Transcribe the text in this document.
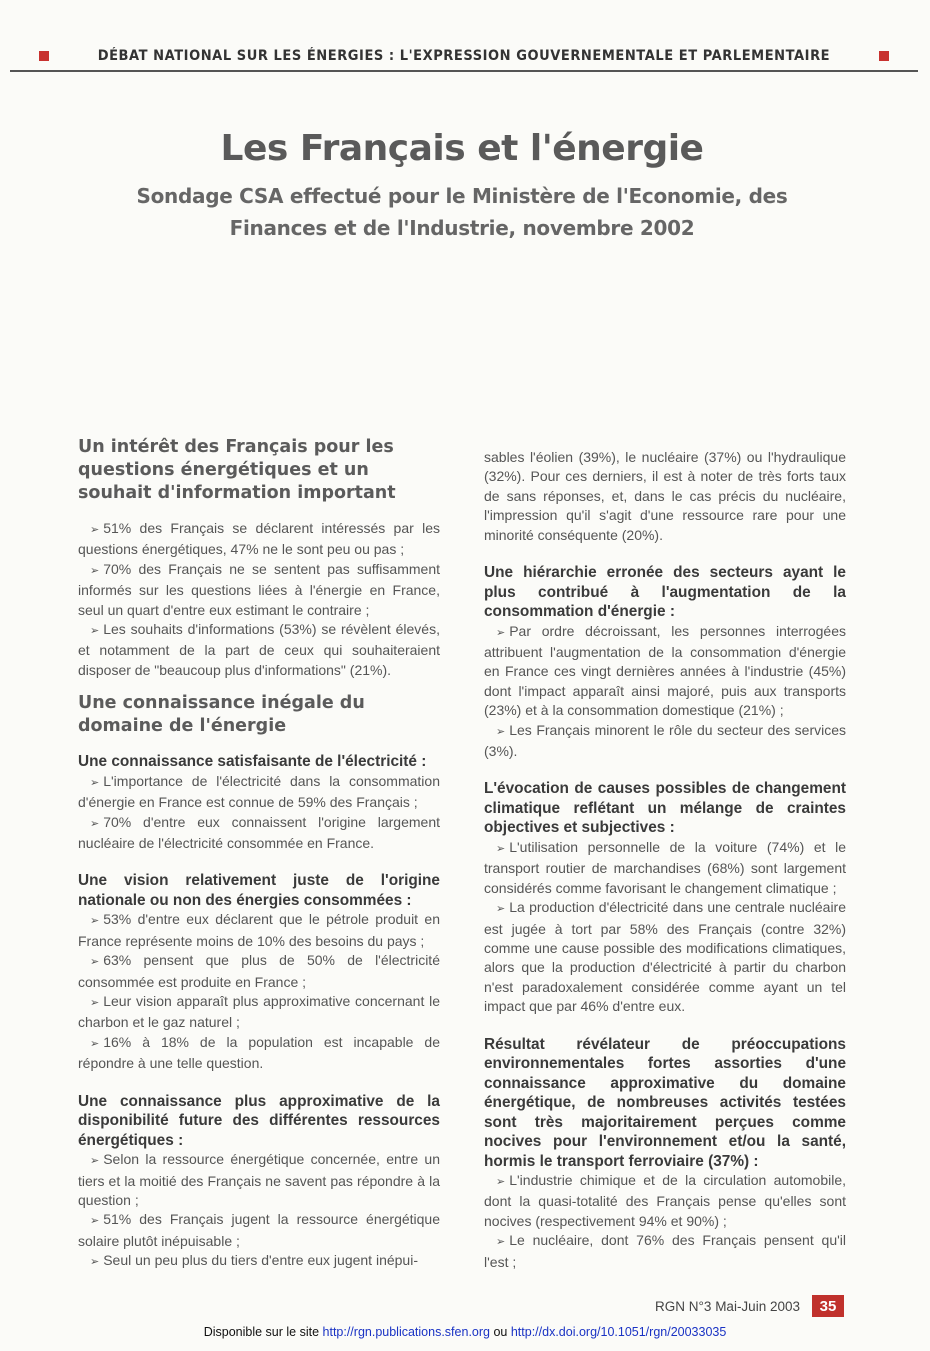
DÉBAT NATIONAL SUR LES ÉNERGIES : L'EXPRESSION GOUVERNEMENTALE ET PARLEMENTAIRE
Les Français et l'énergie
Sondage CSA effectué pour le Ministère de l'Economie, des Finances et de l'Industrie, novembre 2002
Un intérêt des Français pour les questions énergétiques et un souhait d'information important

➢ 51% des Français se déclarent intéressés par les questions énergétiques, 47% ne le sont peu ou pas ;

➢ 70% des Français ne se sentent pas suffisamment informés sur les questions liées à l'énergie en France, seul un quart d'entre eux estimant le contraire ;

➢ Les souhaits d'informations (53%) se révèlent élevés, et notamment de la part de ceux qui souhaiteraient disposer de "beaucoup plus d'informations" (21%).

Une connaissance inégale du domaine de l'énergie

Une connaissance satisfaisante de l'électricité :

➢ L'importance de l'électricité dans la consommation d'énergie en France est connue de 59% des Français ;

➢ 70% d'entre eux connaissent l'origine largement nucléaire de l'électricité consommée en France.

Une vision relativement juste de l'origine nationale ou non des énergies consommées :

➢ 53% d'entre eux déclarent que le pétrole produit en France représente moins de 10% des besoins du pays ;

➢ 63% pensent que plus de 50% de l'électricité consommée est produite en France ;

➢ Leur vision apparaît plus approximative concernant le charbon et le gaz naturel ;

➢ 16% à 18% de la population est incapable de répondre à une telle question.

Une connaissance plus approximative de la disponibilité future des différentes ressources énergétiques :

➢ Selon la ressource énergétique concernée, entre un tiers et la moitié des Français ne savent pas répondre à la question ;

➢ 51% des Français jugent la ressource énergétique solaire plutôt inépuisable ;

➢ Seul un peu plus du tiers d'entre eux jugent inépui-

sables l'éolien (39%), le nucléaire (37%) ou l'hydraulique (32%). Pour ces derniers, il est à noter de très forts taux de sans réponses, et, dans le cas précis du nucléaire, l'impression qu'il s'agit d'une ressource rare pour une minorité conséquente (20%).

Une hiérarchie erronée des secteurs ayant le plus contribué à l'augmentation de la consommation d'énergie :

➢ Par ordre décroissant, les personnes interrogées attribuent l'augmentation de la consommation d'énergie en France ces vingt dernières années à l'industrie (45%) dont l'impact apparaît ainsi majoré, puis aux transports (23%) et à la consommation domestique (21%) ;

➢ Les Français minorent le rôle du secteur des services (3%).

L'évocation de causes possibles de changement climatique reflétant un mélange de craintes objectives et subjectives :

➢ L'utilisation personnelle de la voiture (74%) et le transport routier de marchandises (68%) sont largement considérés comme favorisant le changement climatique ;

➢ La production d'électricité dans une centrale nucléaire est jugée à tort par 58% des Français (contre 32%) comme une cause possible des modifications climatiques, alors que la production d'électricité à partir du charbon n'est paradoxalement considérée comme ayant un tel impact que par 46% d'entre eux.

Résultat révélateur de préoccupations environnementales fortes assorties d'une connaissance approximative du domaine énergétique, de nombreuses activités testées sont très majoritairement perçues comme nocives pour l'environnement et/ou la santé, hormis le transport ferroviaire (37%) :

➢ L'industrie chimique et de la circulation automobile, dont la quasi-totalité des Français pense qu'elles sont nocives (respectivement 94% et 90%) ;

➢ Le nucléaire, dont 76% des Français pensent qu'il l'est ;

RGN N°3 Mai-Juin 2003	35
Disponible sur le site http://rgn.publications.sfen.org ou http://dx.doi.org/10.1051/rgn/20033035
